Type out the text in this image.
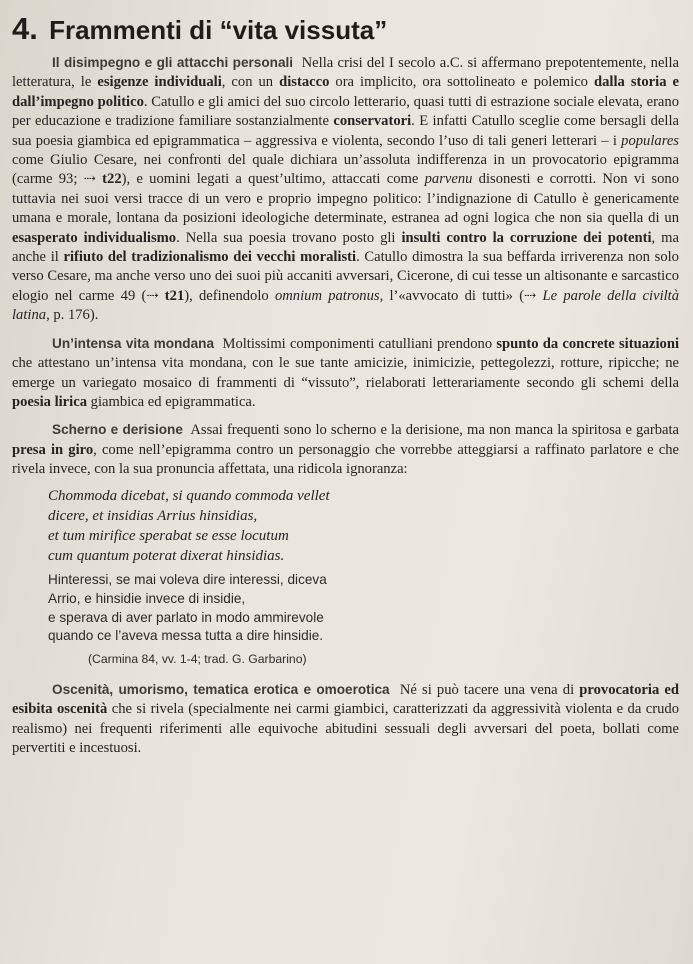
4. Frammenti di “vita vissuta”

Il disimpegno e gli attacchi personali Nella crisi del I secolo a.C. si affermano prepotentemente, nella letteratura, le esigenze individuali, con un distacco ora implicito, ora sottolineato e polemico dalla storia e dall’impegno politico. Catullo e gli amici del suo circolo letterario, quasi tutti di estrazione sociale elevata, erano per educazione e tradizione familiare sostanzialmente conservatori. E infatti Catullo sceglie come bersagli della sua poesia giambica ed epigrammatica – aggressiva e violenta, secondo l’uso di tali generi letterari – i populares come Giulio Cesare, nei confronti del quale dichiara un’assoluta indifferenza in un provocatorio epigramma (carme 93; ⇢ t22), e uomini legati a quest’ultimo, attaccati come parvenu disonesti e corrotti. Non vi sono tuttavia nei suoi versi tracce di un vero e proprio impegno politico: l’indignazione di Catullo è genericamente umana e morale, lontana da posizioni ideologiche determinate, estranea ad ogni logica che non sia quella di un esasperato individualismo. Nella sua poesia trovano posto gli insulti contro la corruzione dei potenti, ma anche il rifiuto del tradizionalismo dei vecchi moralisti. Catullo dimostra la sua beffarda irriverenza non solo verso Cesare, ma anche verso uno dei suoi più accaniti avversari, Cicerone, di cui tesse un altisonante e sarcastico elogio nel carme 49 (⇢ t21), definendolo omnium patronus, l’«avvocato di tutti» (⇢ Le parole della civiltà latina, p. 176).

Un’intensa vita mondana Moltissimi componimenti catulliani prendono spunto da concrete situazioni che attestano un’intensa vita mondana, con le sue tante amicizie, inimicizie, pettegolezzi, rotture, ripicche; ne emerge un variegato mosaico di frammenti di “vissuto”, rielaborati letterariamente secondo gli schemi della poesia lirica giambica ed epigrammatica.

Scherno e derisione Assai frequenti sono lo scherno e la derisione, ma non manca la spiritosa e garbata presa in giro, come nell’epigramma contro un personaggio che vorrebbe atteggiarsi a raffinato parlatore e che rivela invece, con la sua pronuncia affettata, una ridicola ignoranza:

Chommoda dicebat, si quando commoda vellet
dicere, et insidias Arrius hinsidias,
et tum mirifice sperabat se esse locutum
cum quantum poterat dixerat hinsidias.
Hinteressi, se mai voleva dire interessi, diceva
Arrio, e hinsidie invece di insidie,
e sperava di aver parlato in modo ammirevole
quando ce l’aveva messa tutta a dire hinsidie.
(Carmina 84, vv. 1-4; trad. G. Garbarino)

Oscenità, umorismo, tematica erotica e omoerotica Né si può tacere una vena di provocatoria ed esibita oscenità che si rivela (specialmente nei carmi giambici, caratterizzati da aggressività violenta e da crudo realismo) nei frequenti riferimenti alle equivoche abitudini sessuali degli avversari del poeta, bollati come pervertiti e incestuosi.
